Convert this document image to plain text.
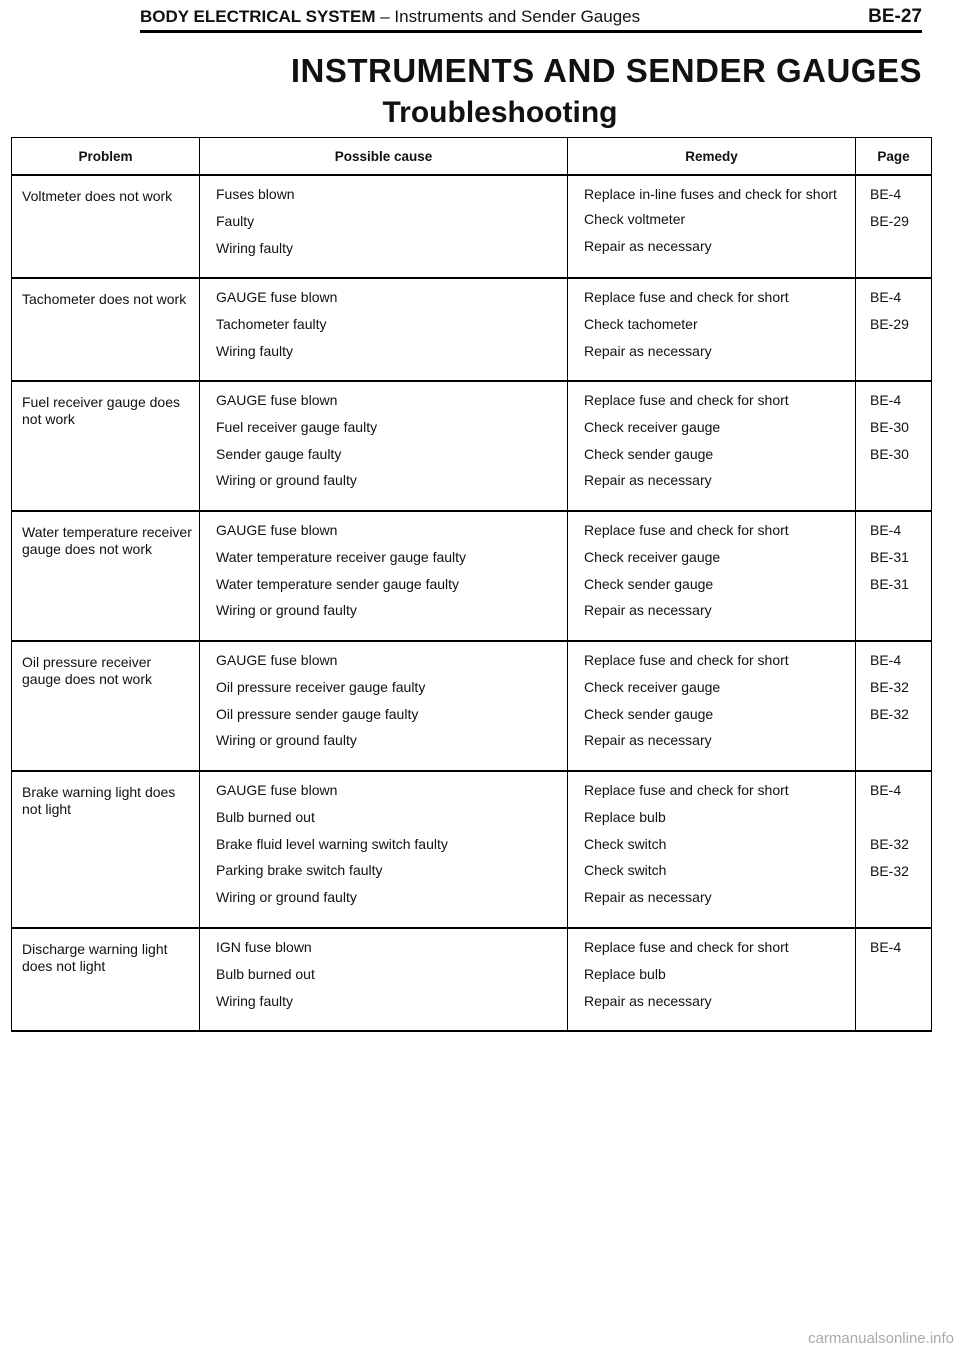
BODY ELECTRICAL SYSTEM – Instruments and Sender Gauges	BE-27
INSTRUMENTS AND SENDER GAUGES
Troubleshooting
Problem	Possible cause	Remedy	Page
Voltmeter does not work	Fuses blown
Faulty
Wiring faulty	Replace in-line fuses and check for short
Check voltmeter
Repair as necessary	BE-4
BE-29

Tachometer does not work	GAUGE fuse blown
Tachometer faulty
Wiring faulty	Replace fuse and check for short
Check tachometer
Repair as necessary	BE-4
BE-29

Fuel receiver gauge does not work	GAUGE fuse blown
Fuel receiver gauge faulty
Sender gauge faulty
Wiring or ground faulty	Replace fuse and check for short
Check receiver gauge
Check sender gauge
Repair as necessary	BE-4
BE-30
BE-30

Water temperature receiver gauge does not work	GAUGE fuse blown
Water temperature receiver gauge faulty
Water temperature sender gauge faulty
Wiring or ground faulty	Replace fuse and check for short
Check receiver gauge
Check sender gauge
Repair as necessary	BE-4
BE-31
BE-31

Oil pressure receiver gauge does not work	GAUGE fuse blown
Oil pressure receiver gauge faulty
Oil pressure sender gauge faulty
Wiring or ground faulty	Replace fuse and check for short
Check receiver gauge
Check sender gauge
Repair as necessary	BE-4
BE-32
BE-32

Brake warning light does not light	GAUGE fuse blown
Bulb burned out
Brake fluid level warning switch faulty
Parking brake switch faulty
Wiring or ground faulty	Replace fuse and check for short
Replace bulb
Check switch
Check switch
Repair as necessary	BE-4
BE-32
BE-32

Discharge warning light does not light	IGN fuse blown
Bulb burned out
Wiring faulty	Replace fuse and check for short
Replace bulb
Repair as necessary	BE-4
carmanualsonline.info
